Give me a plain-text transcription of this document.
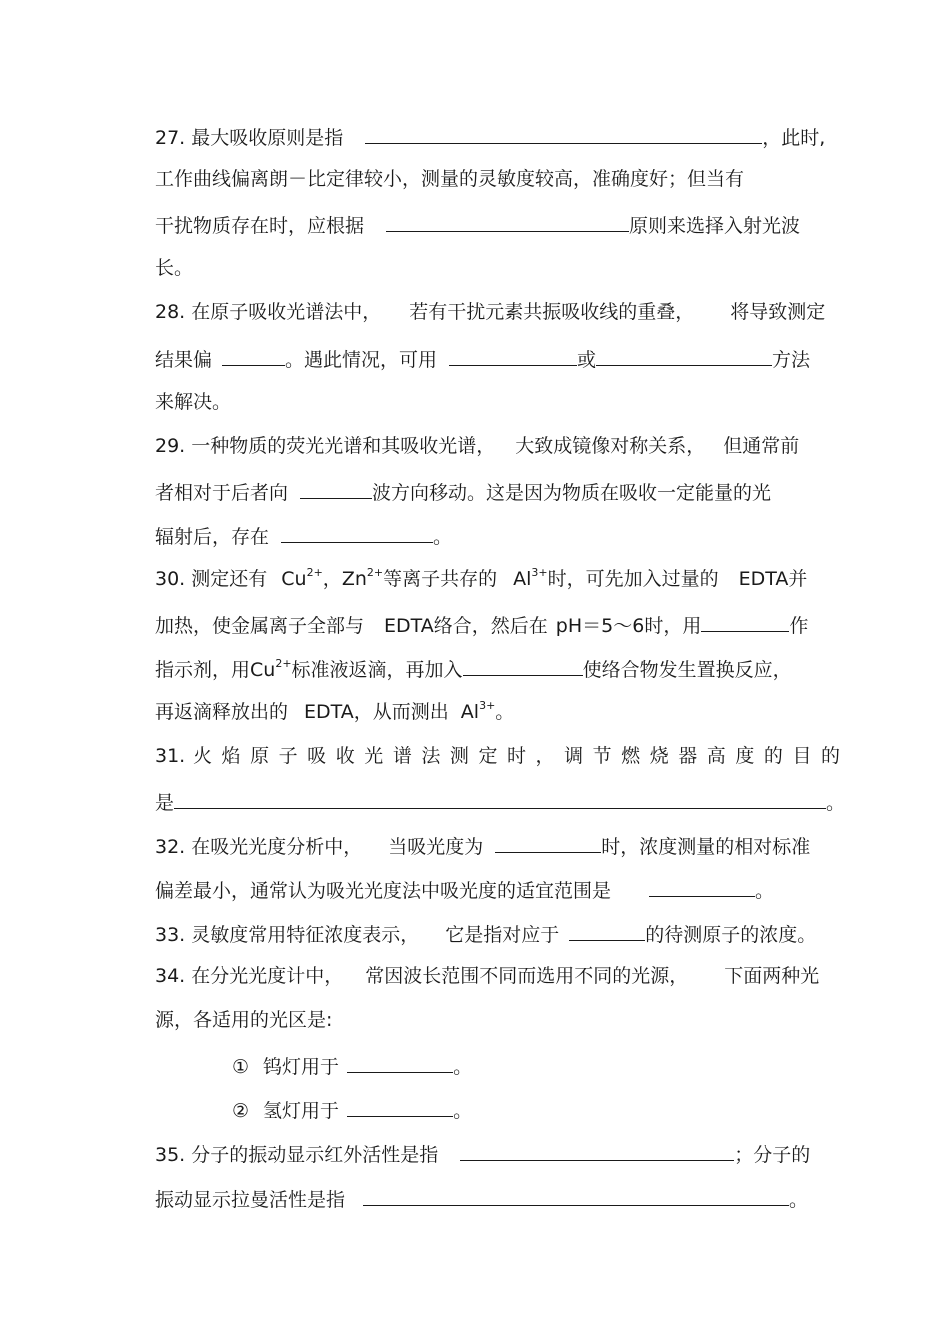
27. 最大吸收原则是指	，此时,
工作曲线偏离朗－比定律较小，测量的灵敏度较高，准确度好；但当有
干扰物质存在时，应根据	原则来选择入射光波
长。
28. 在原子吸收光谱法中， 若有干扰元素共振吸收线的重叠， 将导致测定
结果偏	。遇此情况，可用	或	方法
来解决。
29. 一种物质的荧光光谱和其吸收光谱， 大致成镜像对称关系， 但通常前
者相对于后者向	波方向移动。这是因为物质在吸收一定能量的光
辐射后，存在	。
30. 测定还有 $Cu^{2+}$，$Zn^{2+}$等离子共存的 $Al^{3+}$时，可先加入过量的 EDTA并
加热，使金属离子全部与 EDTA络合，然后在 pH＝5～6时，用	作
指示剂，用$Cu^{2+}$标准液返滴，再加入	使络合物发生置换反应，
再返滴释放出的 EDTA，从而测出 $Al^{3+}$。
31. 火 焰 原 子 吸 收 光 谱 法 测 定 时 ， 调 节 燃 烧 器 高 度 的 目 的
是	。
32. 在吸光光度分析中， 当吸光度为	时，浓度测量的相对标准
偏差最小，通常认为吸光光度法中吸光度的适宜范围是	。
33. 灵敏度常用特征浓度表示， 它是指对应于	的待测原子的浓度。
34. 在分光光度计中， 常因波长范围不同而选用不同的光源， 下面两种光
源，各适用的光区是:
① 钨灯用于	。
② 氢灯用于	。
35. 分子的振动显示红外活性是指	；分子的
振动显示拉曼活性是指	。
